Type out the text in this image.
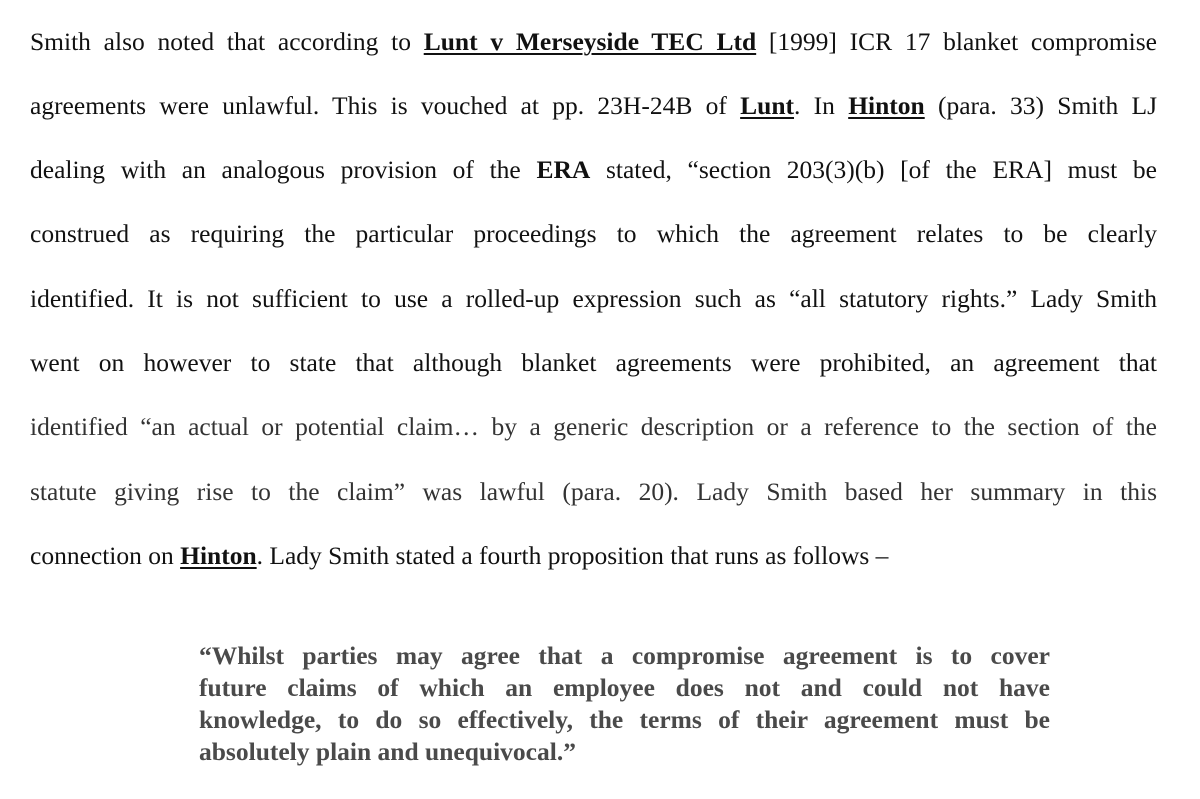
Smith also noted that according to Lunt v Merseyside TEC Ltd [1999] ICR 17 blanket compromise
agreements were unlawful. This is vouched at pp. 23H-24B of Lunt. In Hinton (para. 33) Smith LJ
dealing with an analogous provision of the ERA stated, “section 203(3)(b) [of the ERA] must be
construed as requiring the particular proceedings to which the agreement relates to be clearly
identified. It is not sufficient to use a rolled-up expression such as “all statutory rights.” Lady Smith
went on however to state that although blanket agreements were prohibited, an agreement that
identified “an actual or potential claim… by a generic description or a reference to the section of the
statute giving rise to the claim” was lawful (para. 20). Lady Smith based her summary in this
connection on Hinton. Lady Smith stated a fourth proposition that runs as follows –
“Whilst parties may agree that a compromise agreement is to cover
future claims of which an employee does not and could not have
knowledge, to do so effectively, the terms of their agreement must be
absolutely plain and unequivocal.”
